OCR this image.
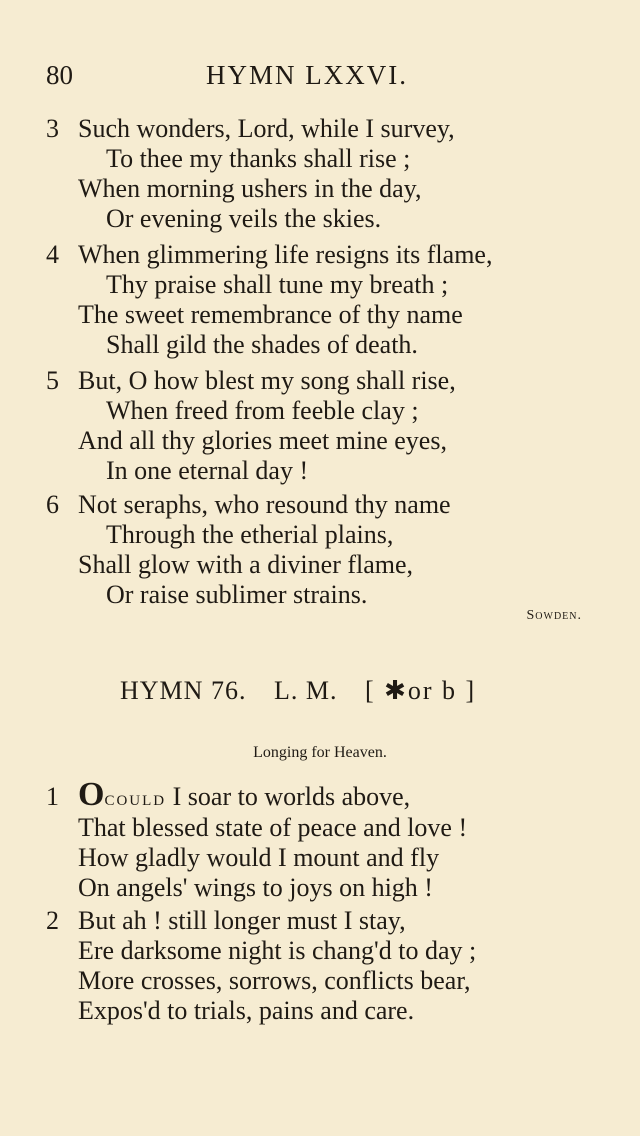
80	HYMN LXXVI.
3 Such wonders, Lord, while I survey,
To thee my thanks shall rise ;
When morning ushers in the day,
Or evening veils the skies.
4 When glimmering life resigns its flame,
Thy praise shall tune my breath ;
The sweet remembrance of thy name
Shall gild the shades of death.
5 But, O how blest my song shall rise,
When freed from feeble clay ;
And all thy glories meet mine eyes,
In one eternal day !
6 Not seraphs, who resound thy name
Through the etherial plains,
Shall glow with a diviner flame,
Or raise sublimer strains.
Sowden.
HYMN 76. L. M. [ ✱or b ]
Longing for Heaven.
1 Ocould I soar to worlds above,
That blessed state of peace and love !
How gladly would I mount and fly
On angels' wings to joys on high !
2 But ah ! still longer must I stay,
Ere darksome night is chang'd to day ;
More crosses, sorrows, conflicts bear,
Expos'd to trials, pains and care.
